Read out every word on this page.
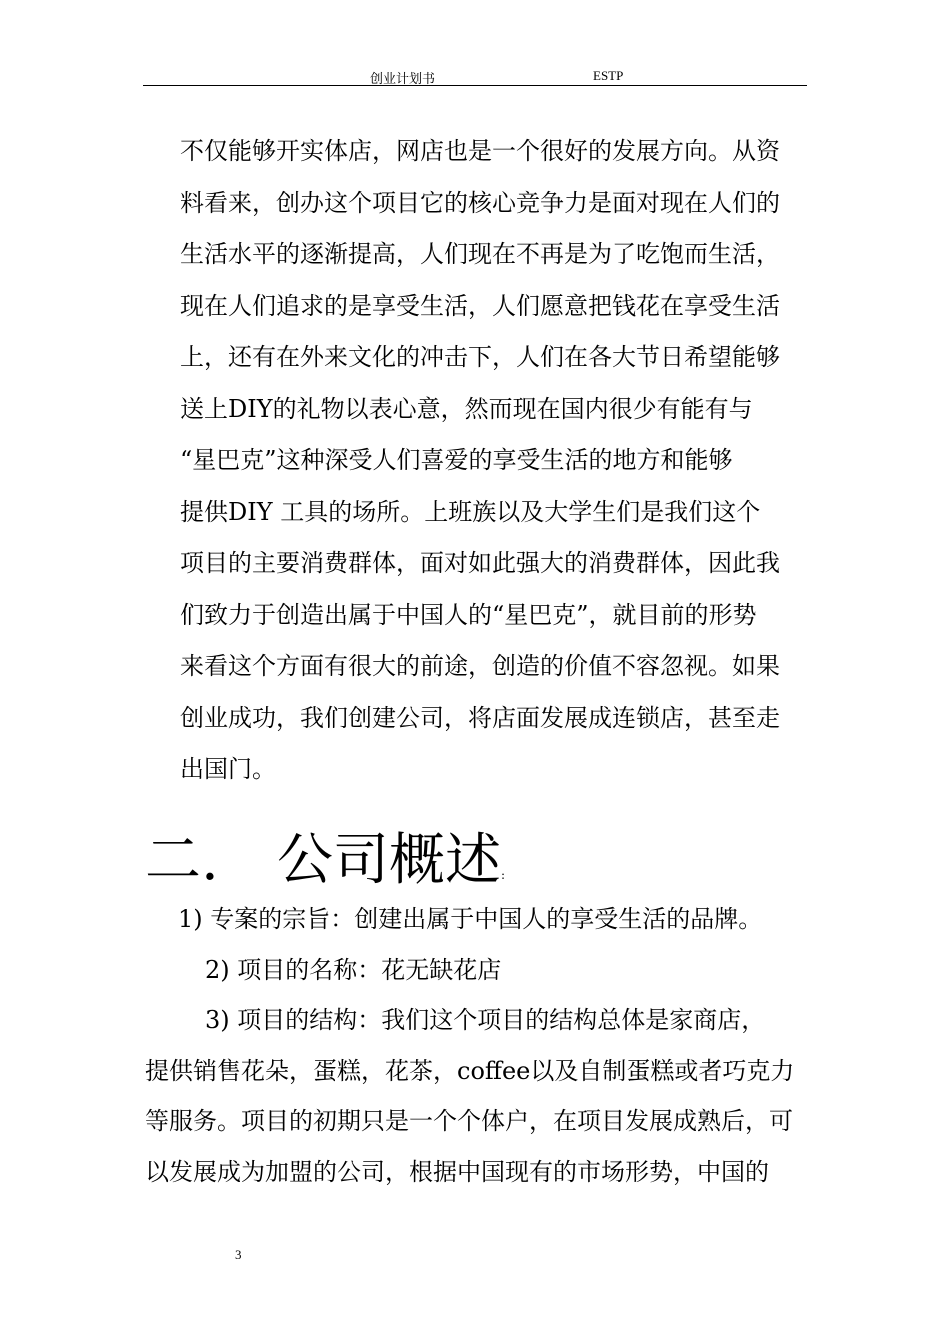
创业计划书	ESTP
不仅能够开实体店，网店也是一个很好的发展方向。从资
料看来，创办这个项目它的核心竞争力是面对现在人们的
生活水平的逐渐提高，人们现在不再是为了吃饱而生活，
现在人们追求的是享受生活，人们愿意把钱花在享受生活
上，还有在外来文化的冲击下，人们在各大节日希望能够
送上DIY的礼物以表心意，然而现在国内很少有能有与
“星巴克”这种深受人们喜爱的享受生活的地方和能够
提供DIY 工具的场所。上班族以及大学生们是我们这个
项目的主要消费群体，面对如此强大的消费群体，因此我
们致力于创造出属于中国人的“星巴克”，就目前的形势
来看这个方面有很大的前途，创造的价值不容忽视。如果
创业成功，我们创建公司，将店面发展成连锁店，甚至走
出国门。
二. 公司概述:
1) 专案的宗旨：创建出属于中国人的享受生活的品牌。
2) 项目的名称：花无缺花店
3) 项目的结构：我们这个项目的结构总体是家商店，
提供销售花朵，蛋糕，花茶，coffee以及自制蛋糕或者巧克力
等服务。项目的初期只是一个个体户，在项目发展成熟后，可
以发展成为加盟的公司，根据中国现有的市场形势，中国的
3
